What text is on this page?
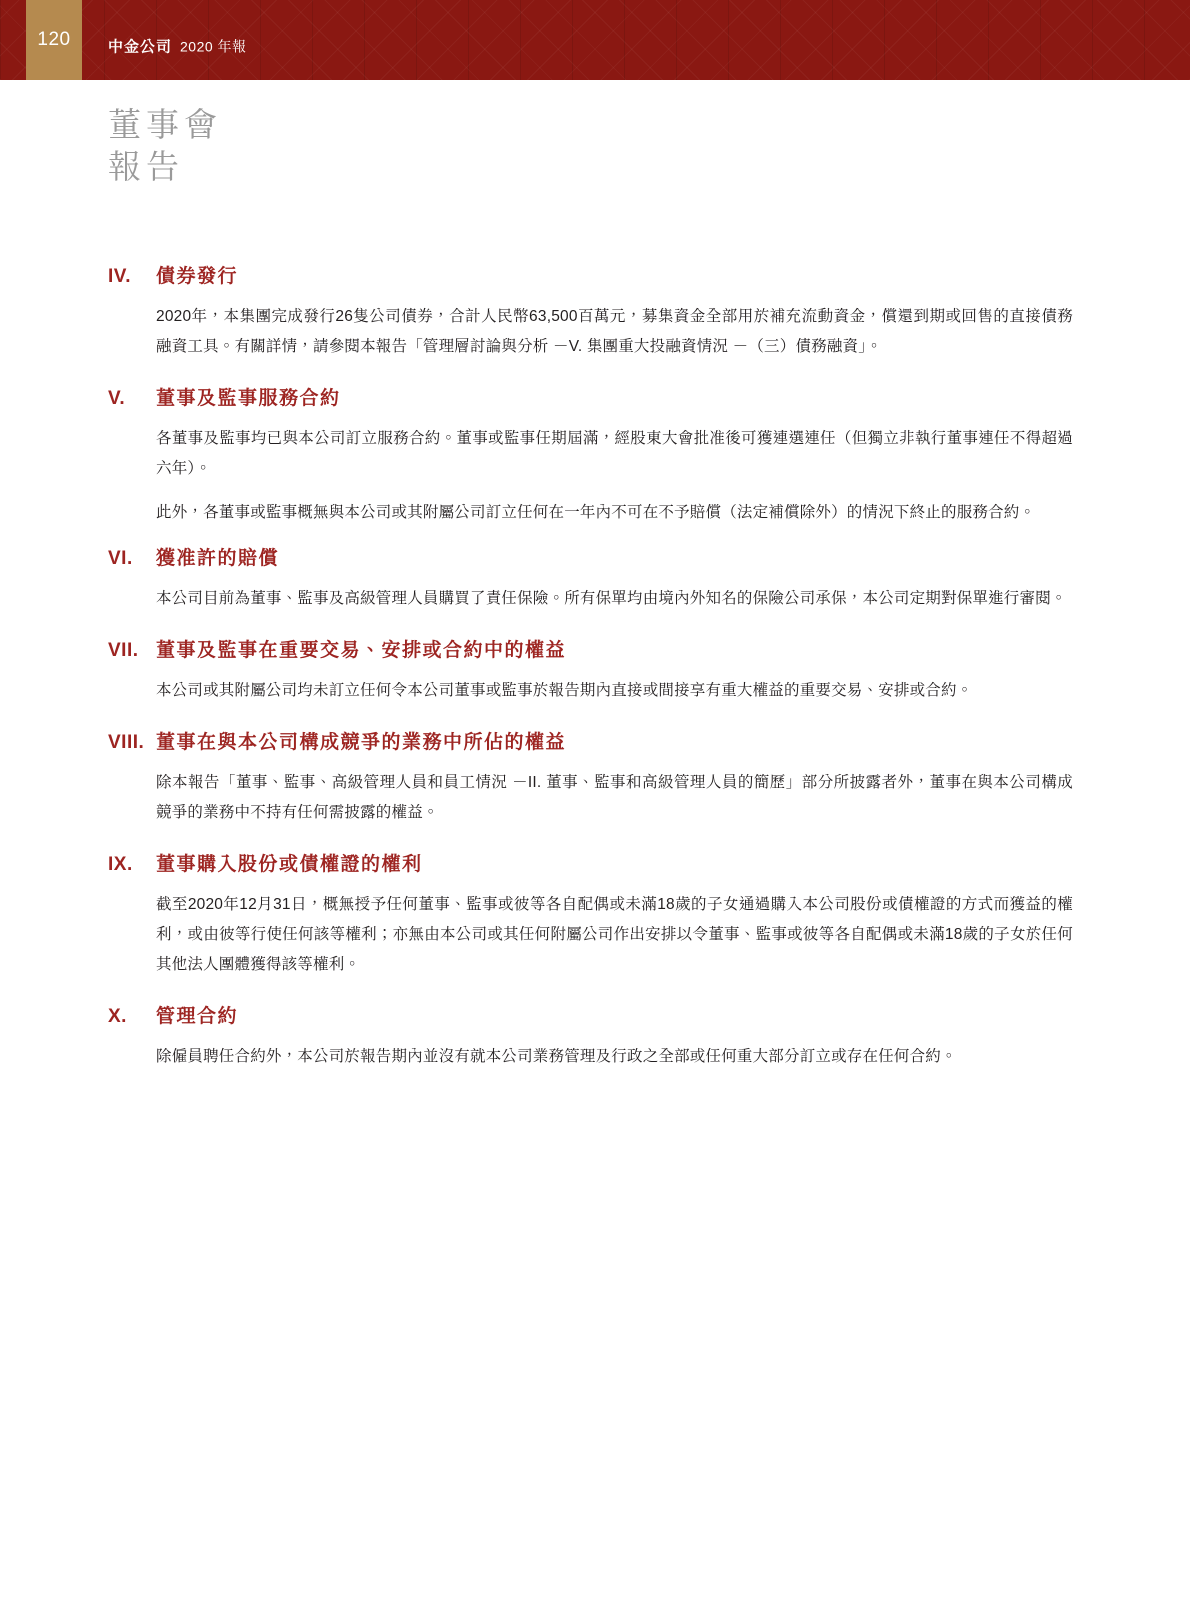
120 中金公司 2020 年報
董事會
報告
IV.	債券發行

2020年，本集團完成發行26隻公司債券，合計人民幣63,500百萬元，募集資金全部用於補充流動資金，償還到期或回售的直接債務融資工具。有關詳情，請參閱本報告「管理層討論與分析 －V. 集團重大投融資情況 －（三）債務融資」。

V.	董事及監事服務合約

各董事及監事均已與本公司訂立服務合約。董事或監事任期屆滿，經股東大會批准後可獲連選連任（但獨立非執行董事連任不得超過六年）。

此外，各董事或監事概無與本公司或其附屬公司訂立任何在一年內不可在不予賠償（法定補償除外）的情況下終止的服務合約。

VI.	獲准許的賠償

本公司目前為董事、監事及高級管理人員購買了責任保險。所有保單均由境內外知名的保險公司承保，本公司定期對保單進行審閱。

VII. 董事及監事在重要交易、安排或合約中的權益

本公司或其附屬公司均未訂立任何令本公司董事或監事於報告期內直接或間接享有重大權益的重要交易、安排或合約。

VIII. 董事在與本公司構成競爭的業務中所佔的權益

除本報告「董事、監事、高級管理人員和員工情況 －II. 董事、監事和高級管理人員的簡歷」部分所披露者外，董事在與本公司構成競爭的業務中不持有任何需披露的權益。

IX.	董事購入股份或債權證的權利

截至2020年12月31日，概無授予任何董事、監事或彼等各自配偶或未滿18歲的子女通過購入本公司股份或債權證的方式而獲益的權利，或由彼等行使任何該等權利；亦無由本公司或其任何附屬公司作出安排以令董事、監事或彼等各自配偶或未滿18歲的子女於任何其他法人團體獲得該等權利。

X.	管理合約

除僱員聘任合約外，本公司於報告期內並沒有就本公司業務管理及行政之全部或任何重大部分訂立或存在任何合約。
